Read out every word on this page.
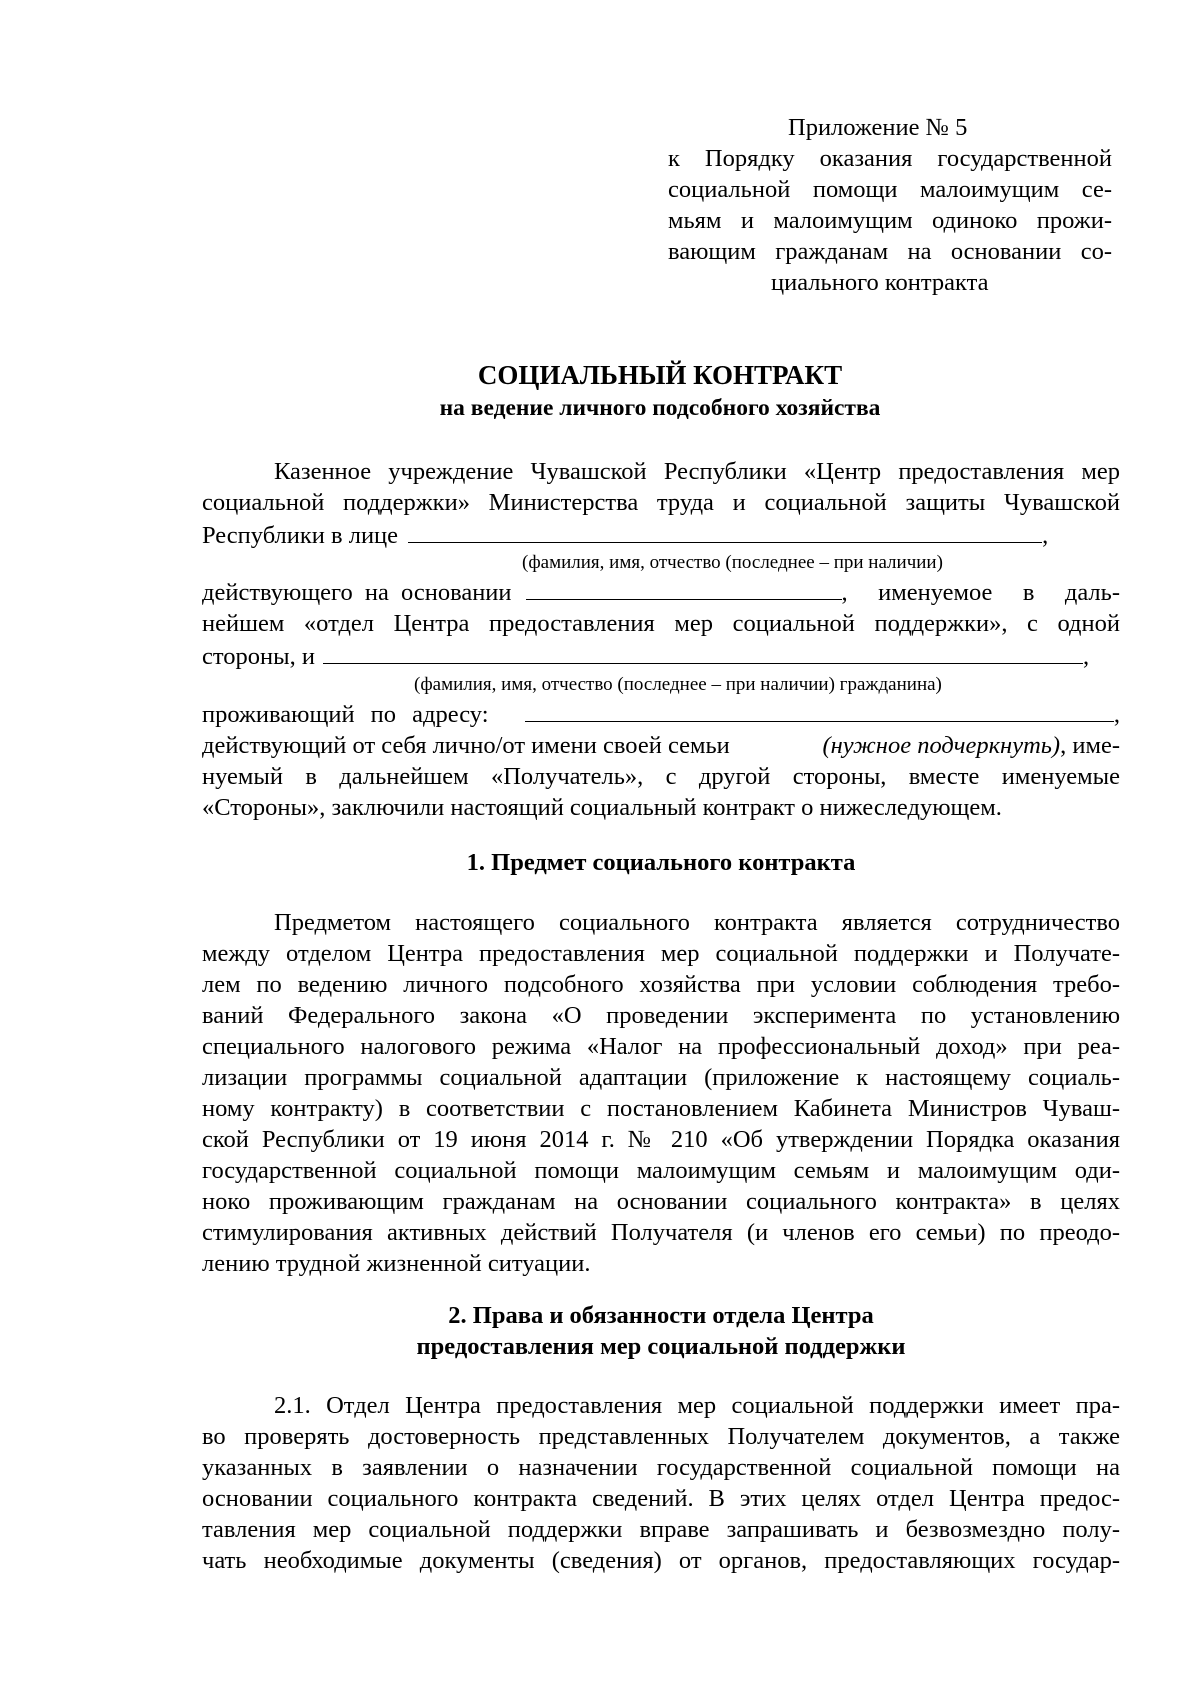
Приложение № 5
к Порядку оказания государственной
социальной помощи малоимущим се-
мьям и малоимущим одиноко прожи-
вающим гражданам на основании со-
циального контракта
СОЦИАЛЬНЫЙ КОНТРАКТ
на ведение личного подсобного хозяйства
Казенное учреждение Чувашской Республики «Центр предоставления мер
социальной поддержки» Министерства труда и социальной защиты Чувашской
Республики в лице	,
(фамилия, имя, отчество (последнее – при наличии)
действующего на основании	, именуемое в даль-
нейшем «отдел Центра предоставления мер социальной поддержки», с одной
стороны, и	,
(фамилия, имя, отчество (последнее – при наличии) гражданина)
проживающий по адресу:	,
действующий от себя лично/от имени своей семьи	(нужное подчеркнуть), име-
нуемый в дальнейшем «Получатель», с другой стороны, вместе именуемые
«Стороны», заключили настоящий социальный контракт о нижеследующем.
1. Предмет социального контракта
Предметом настоящего социального контракта является сотрудничество
между отделом Центра предоставления мер социальной поддержки и Получате-
лем по ведению личного подсобного хозяйства при условии соблюдения требо-
ваний Федерального закона «О проведении эксперимента по установлению
специального налогового режима «Налог на профессиональный доход» при реа-
лизации программы социальной адаптации (приложение к настоящему социаль-
ному контракту) в соответствии с постановлением Кабинета Министров Чуваш-
ской Республики от 19 июня 2014 г. № 210 «Об утверждении Порядка оказания
государственной социальной помощи малоимущим семьям и малоимущим оди-
ноко проживающим гражданам на основании социального контракта» в целях
стимулирования активных действий Получателя (и членов его семьи) по преодо-
лению трудной жизненной ситуации.
2. Права и обязанности отдела Центра
предоставления мер социальной поддержки
2.1. Отдел Центра предоставления мер социальной поддержки имеет пра-
во проверять достоверность представленных Получателем документов, а также
указанных в заявлении о назначении государственной социальной помощи на
основании социального контракта сведений. В этих целях отдел Центра предос-
тавления мер социальной поддержки вправе запрашивать и безвозмездно полу-
чать необходимые документы (сведения) от органов, предоставляющих государ-
